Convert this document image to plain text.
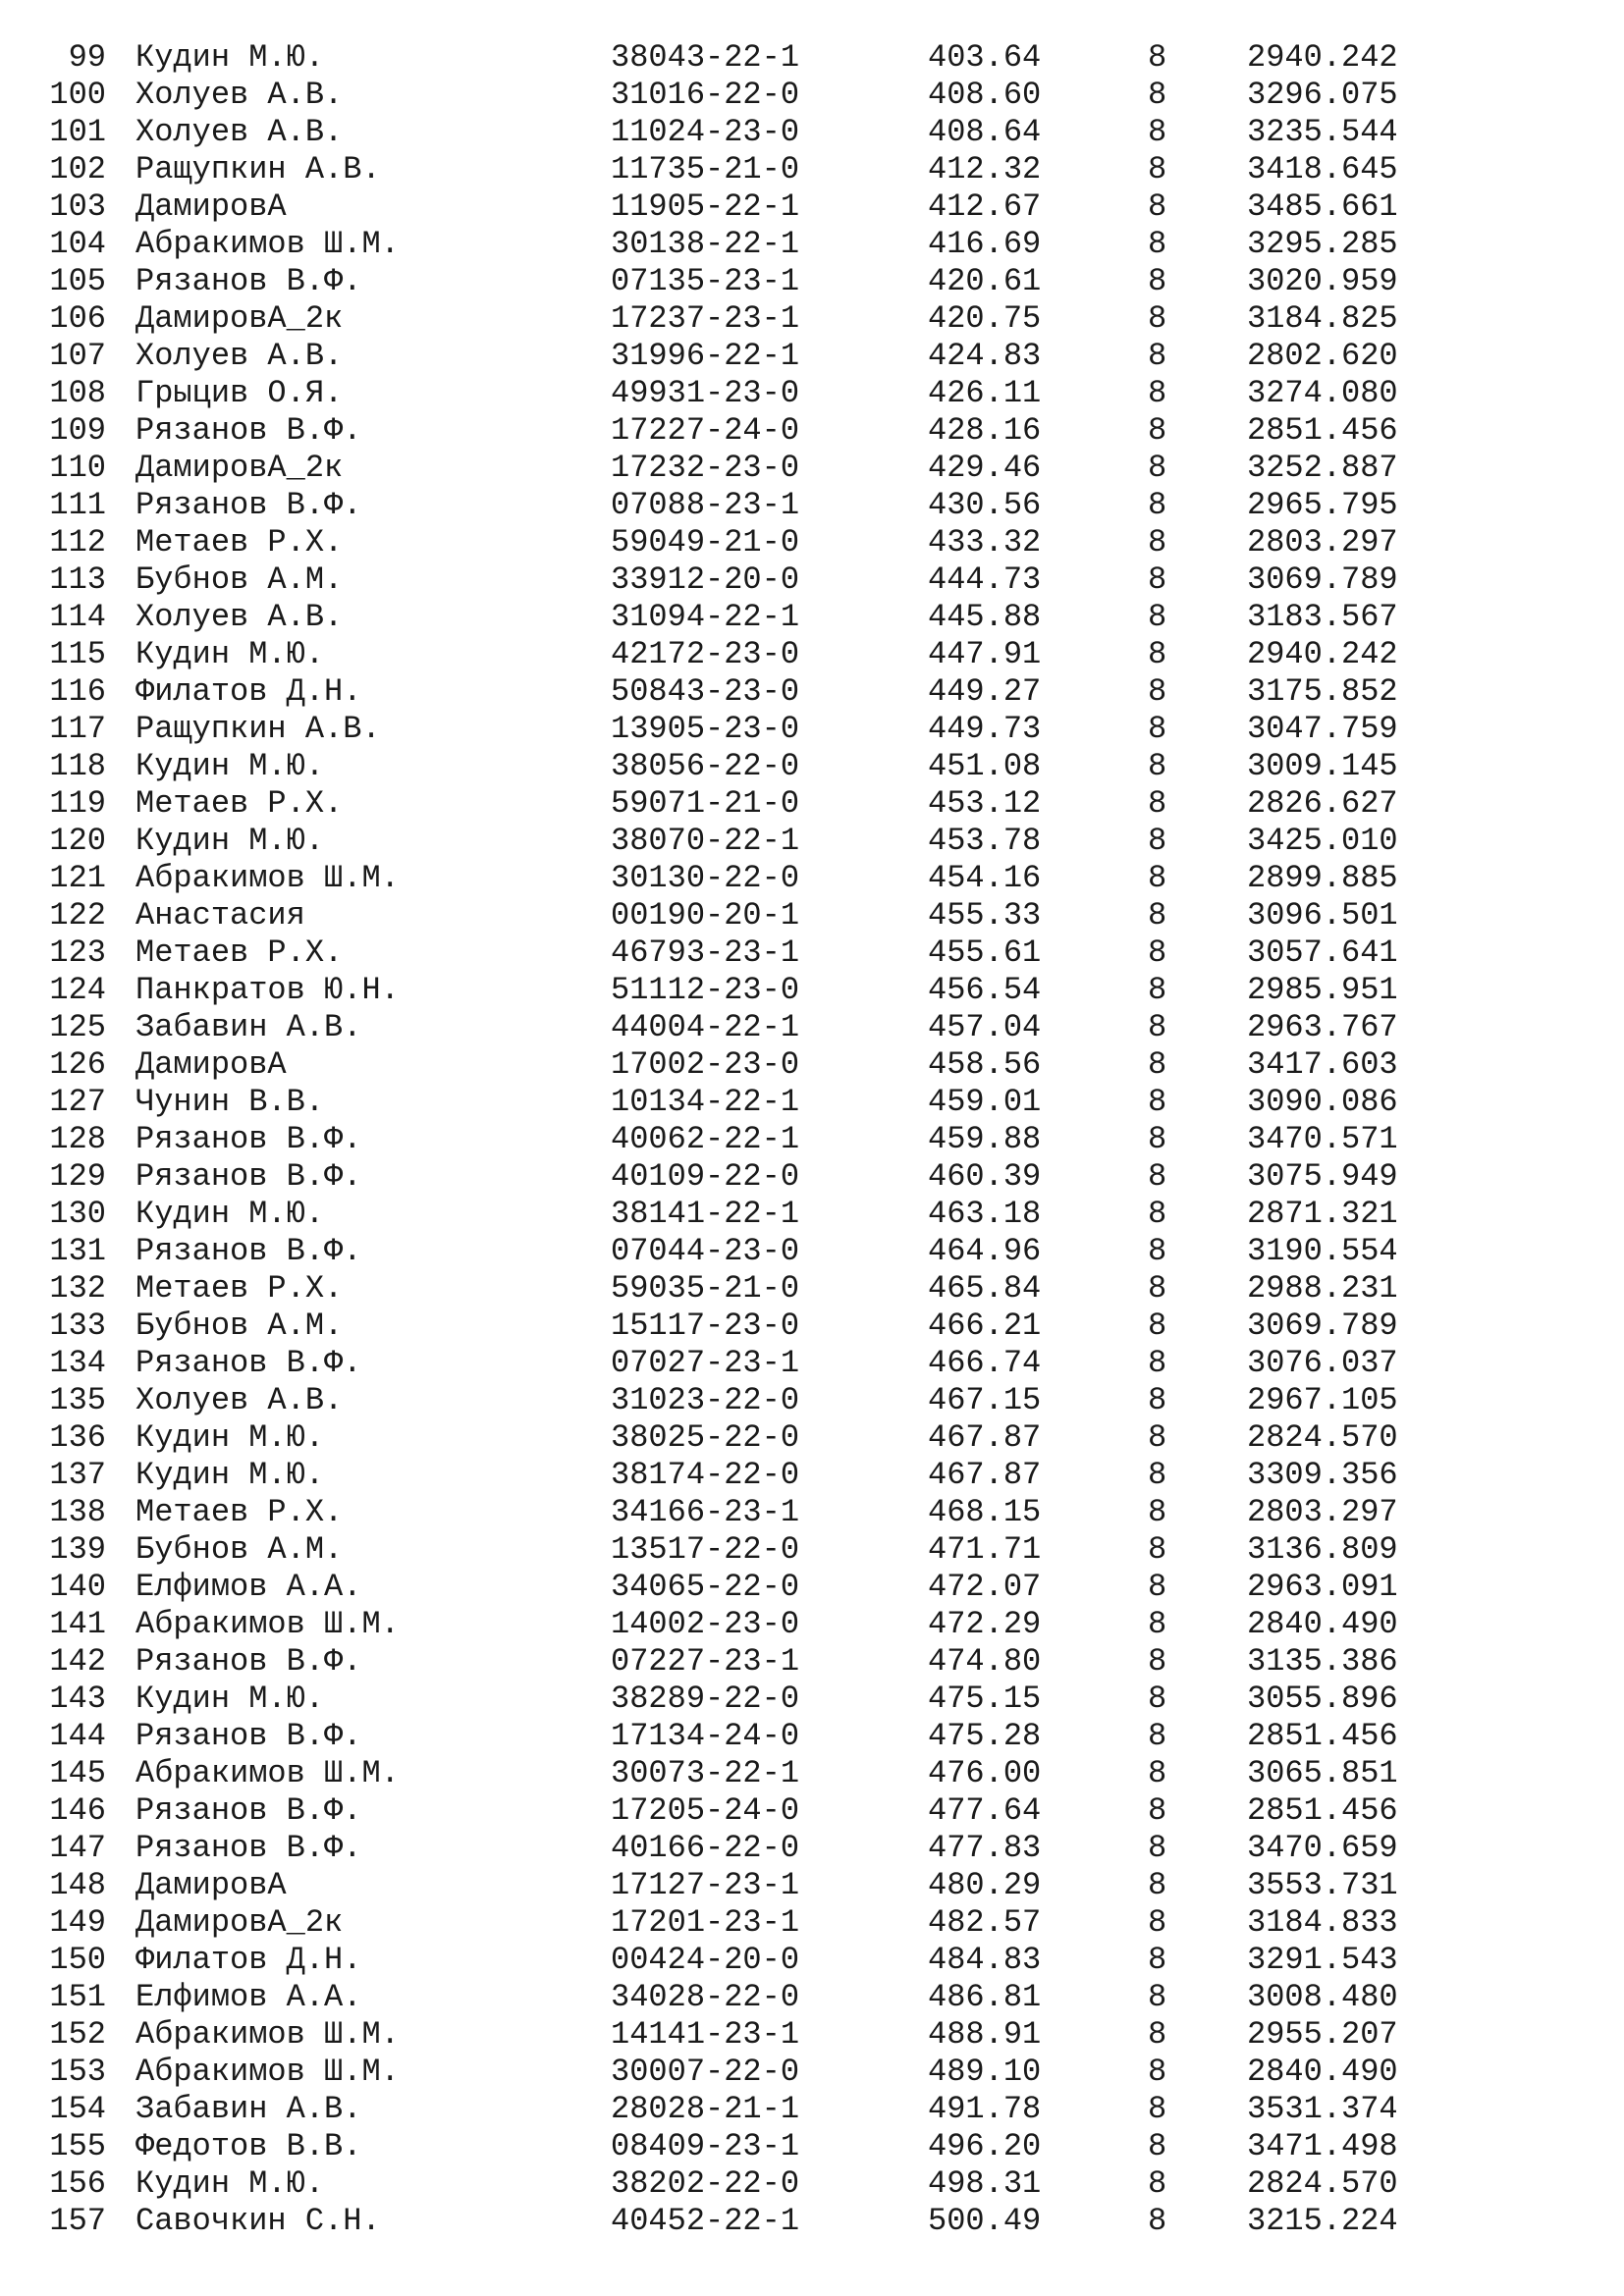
99 Кудин М.Ю.	38043-22-1	403.64	8	2940.242
100 Холуев А.В.	31016-22-0	408.60	8	3296.075
101 Холуев А.В.	11024-23-0	408.64	8	3235.544
102 Ращупкин А.В.	11735-21-0	412.32	8	3418.645
103 ДамировА	11905-22-1	412.67	8	3485.661
104 Абракимов Ш.М.	30138-22-1	416.69	8	3295.285
105 Рязанов В.Ф.	07135-23-1	420.61	8	3020.959
106 ДамировА_2к	17237-23-1	420.75	8	3184.825
107 Холуев А.В.	31996-22-1	424.83	8	2802.620
108 Грыцив О.Я.	49931-23-0	426.11	8	3274.080
109 Рязанов В.Ф.	17227-24-0	428.16	8	2851.456
110 ДамировА_2к	17232-23-0	429.46	8	3252.887
111 Рязанов В.Ф.	07088-23-1	430.56	8	2965.795
112 Метаев Р.Х.	59049-21-0	433.32	8	2803.297
113 Бубнов А.М.	33912-20-0	444.73	8	3069.789
114 Холуев А.В.	31094-22-1	445.88	8	3183.567
115 Кудин М.Ю.	42172-23-0	447.91	8	2940.242
116 Филатов Д.Н.	50843-23-0	449.27	8	3175.852
117 Ращупкин А.В.	13905-23-0	449.73	8	3047.759
118 Кудин М.Ю.	38056-22-0	451.08	8	3009.145
119 Метаев Р.Х.	59071-21-0	453.12	8	2826.627
120 Кудин М.Ю.	38070-22-1	453.78	8	3425.010
121 Абракимов Ш.М.	30130-22-0	454.16	8	2899.885
122 Анастасия	00190-20-1	455.33	8	3096.501
123 Метаев Р.Х.	46793-23-1	455.61	8	3057.641
124 Панкратов Ю.Н.	51112-23-0	456.54	8	2985.951
125 Забавин А.В.	44004-22-1	457.04	8	2963.767
126 ДамировА	17002-23-0	458.56	8	3417.603
127 Чунин В.В.	10134-22-1	459.01	8	3090.086
128 Рязанов В.Ф.	40062-22-1	459.88	8	3470.571
129 Рязанов В.Ф.	40109-22-0	460.39	8	3075.949
130 Кудин М.Ю.	38141-22-1	463.18	8	2871.321
131 Рязанов В.Ф.	07044-23-0	464.96	8	3190.554
132 Метаев Р.Х.	59035-21-0	465.84	8	2988.231
133 Бубнов А.М.	15117-23-0	466.21	8	3069.789
134 Рязанов В.Ф.	07027-23-1	466.74	8	3076.037
135 Холуев А.В.	31023-22-0	467.15	8	2967.105
136 Кудин М.Ю.	38025-22-0	467.87	8	2824.570
137 Кудин М.Ю.	38174-22-0	467.87	8	3309.356
138 Метаев Р.Х.	34166-23-1	468.15	8	2803.297
139 Бубнов А.М.	13517-22-0	471.71	8	3136.809
140 Елфимов А.А.	34065-22-0	472.07	8	2963.091
141 Абракимов Ш.М.	14002-23-0	472.29	8	2840.490
142 Рязанов В.Ф.	07227-23-1	474.80	8	3135.386
143 Кудин М.Ю.	38289-22-0	475.15	8	3055.896
144 Рязанов В.Ф.	17134-24-0	475.28	8	2851.456
145 Абракимов Ш.М.	30073-22-1	476.00	8	3065.851
146 Рязанов В.Ф.	17205-24-0	477.64	8	2851.456
147 Рязанов В.Ф.	40166-22-0	477.83	8	3470.659
148 ДамировА	17127-23-1	480.29	8	3553.731
149 ДамировА_2к	17201-23-1	482.57	8	3184.833
150 Филатов Д.Н.	00424-20-0	484.83	8	3291.543
151 Елфимов А.А.	34028-22-0	486.81	8	3008.480
152 Абракимов Ш.М.	14141-23-1	488.91	8	2955.207
153 Абракимов Ш.М.	30007-22-0	489.10	8	2840.490
154 Забавин А.В.	28028-21-1	491.78	8	3531.374
155 Федотов В.В.	08409-23-1	496.20	8	3471.498
156 Кудин М.Ю.	38202-22-0	498.31	8	2824.570
157 Савочкин С.Н.	40452-22-1	500.49	8	3215.224
